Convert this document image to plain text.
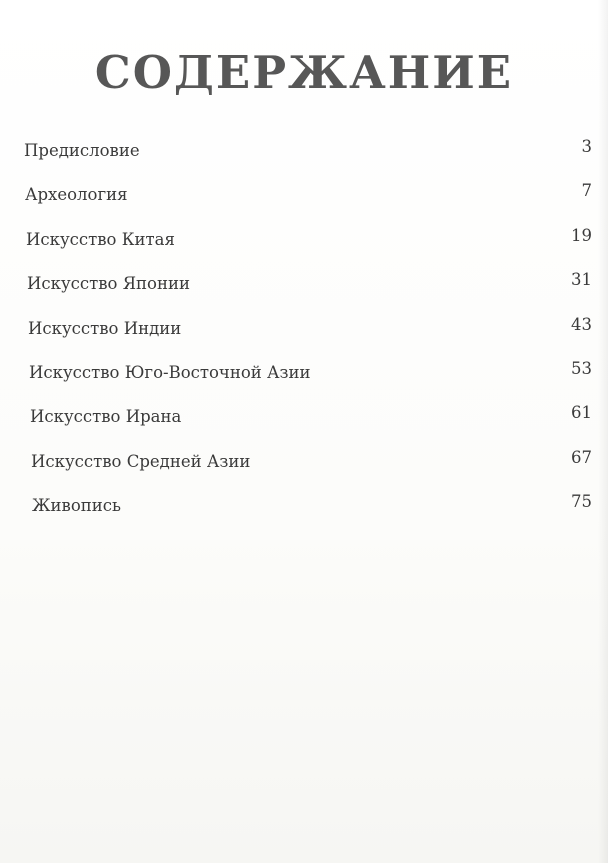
СОДЕРЖАНИЕ
Предисловие	3
Археология	7
Искусство Китая	19
Искусство Японии	31
Искусство Индии	43
Искусство Юго-Восточной Азии	53
Искусство Ирана	61
Искусство Средней Азии	67
Живопись	75
